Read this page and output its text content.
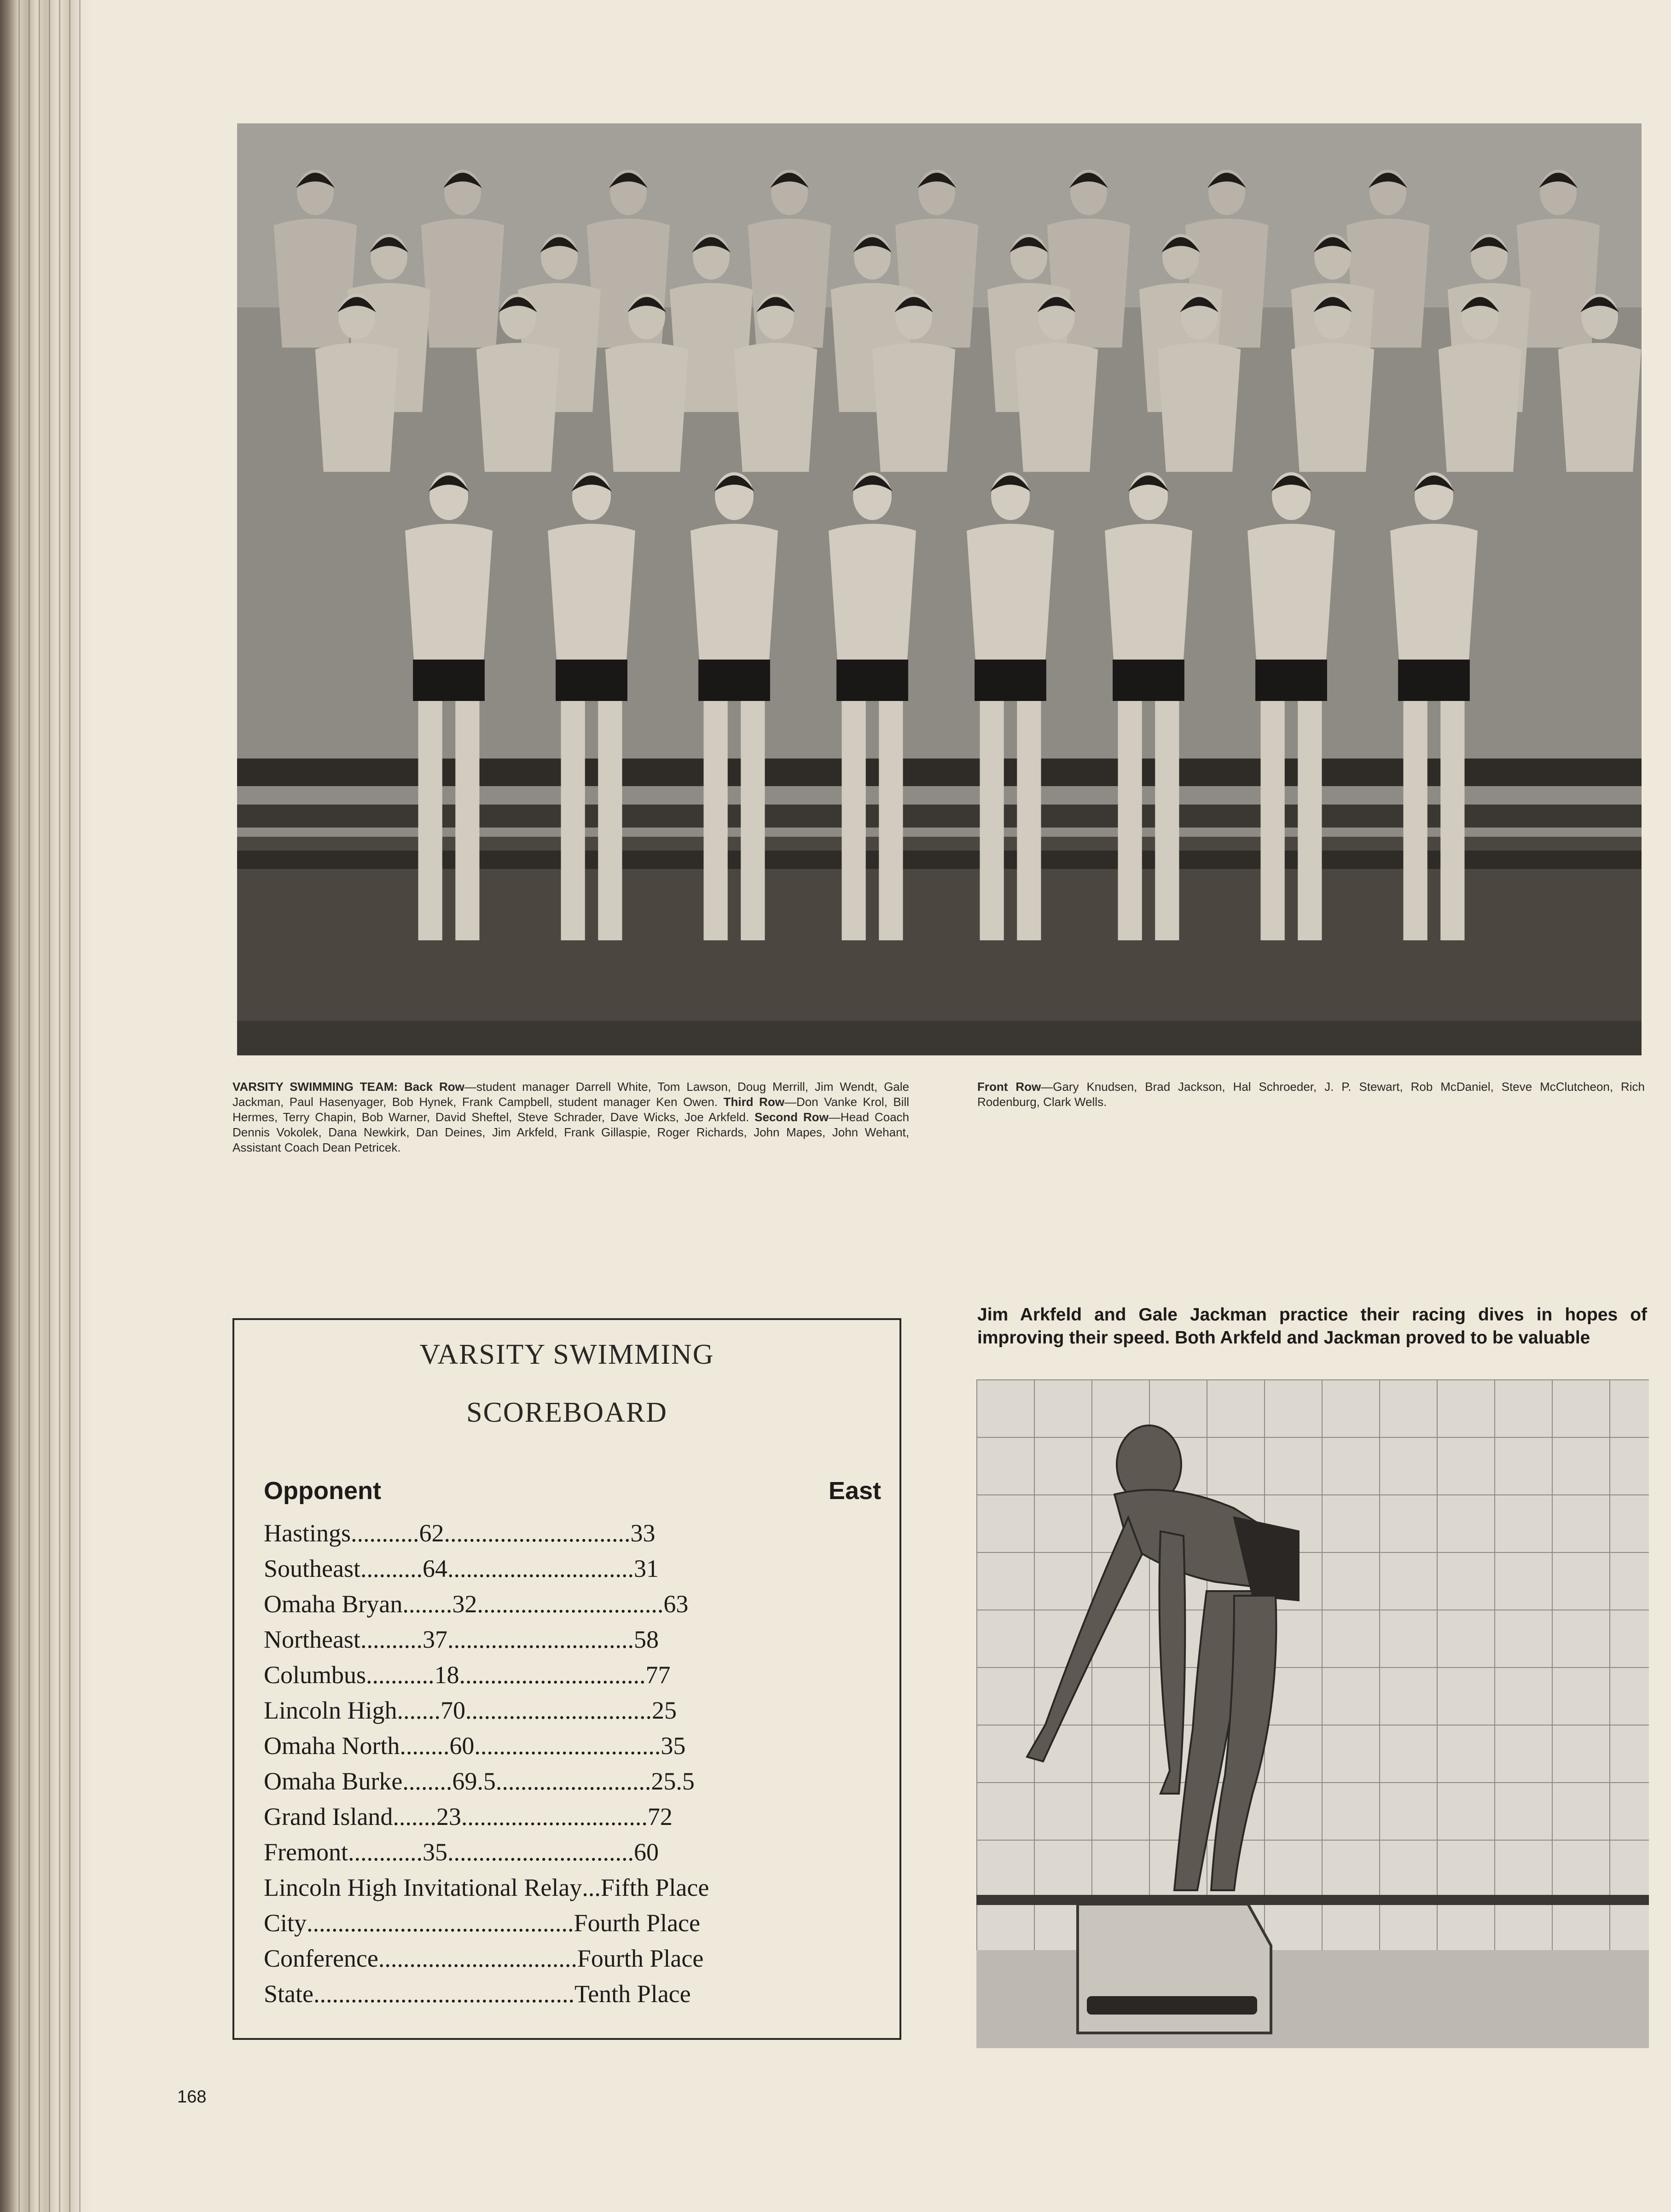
VARSITY SWIMMING TEAM: Back Row—student manager Darrell White, Tom Lawson, Doug Merrill, Jim Wendt, Gale Jackman, Paul Hasenyager, Bob Hynek, Frank Campbell, student manager Ken Owen. Third Row—Don Vanke Krol, Bill Hermes, Terry Chapin, Bob Warner, David Sheftel, Steve Schrader, Dave Wicks, Joe Arkfeld. Second Row—Head Coach Dennis Vokolek, Dana Newkirk, Dan Deines, Jim Arkfeld, Frank Gillaspie, Roger Richards, John Mapes, John Wehant, Assistant Coach Dean Petricek.
Front Row—Gary Knudsen, Brad Jackson, Hal Schroeder, J. P. Stewart, Rob McDaniel, Steve McClutcheon, Rich Rodenburg, Clark Wells.
VARSITY SWIMMING
SCOREBOARD
Opponent	East
Hastings...........62..............................33
Southeast..........64..............................31
Omaha Bryan........32..............................63
Northeast..........37..............................58
Columbus...........18..............................77
Lincoln High.......70..............................25
Omaha North........60..............................35
Omaha Burke........69.5.........................25.5
Grand Island.......23..............................72
Fremont............35..............................60
Lincoln High Invitational Relay...Fifth Place
City...........................................Fourth Place
Conference................................Fourth Place
State..........................................Tenth Place
Jim Arkfeld and Gale Jackman practice their racing dives in hopes of improving their speed. Both Arkfeld and Jackman proved to be valuable
168
